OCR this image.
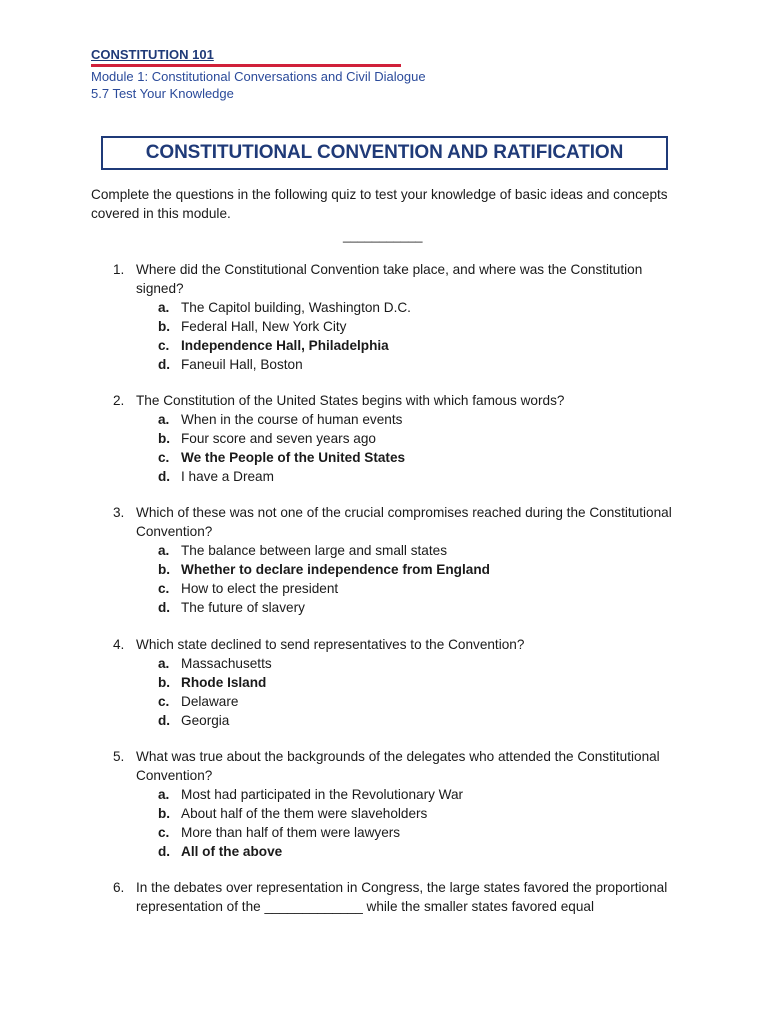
CONSTITUTION 101
Module 1: Constitutional Conversations and Civil Dialogue
5.7 Test Your Knowledge
CONSTITUTIONAL CONVENTION AND RATIFICATION
Complete the questions in the following quiz to test your knowledge of basic ideas and concepts covered in this module.
___________
1. Where did the Constitutional Convention take place, and where was the Constitution signed?
a. The Capitol building, Washington D.C.
b. Federal Hall, New York City
c. Independence Hall, Philadelphia
d. Faneuil Hall, Boston
2. The Constitution of the United States begins with which famous words?
a. When in the course of human events
b. Four score and seven years ago
c. We the People of the United States
d. I have a Dream
3. Which of these was not one of the crucial compromises reached during the Constitutional Convention?
a. The balance between large and small states
b. Whether to declare independence from England
c. How to elect the president
d. The future of slavery
4. Which state declined to send representatives to the Convention?
a. Massachusetts
b. Rhode Island
c. Delaware
d. Georgia
5. What was true about the backgrounds of the delegates who attended the Constitutional Convention?
a. Most had participated in the Revolutionary War
b. About half of the them were slaveholders
c. More than half of them were lawyers
d. All of the above
6. In the debates over representation in Congress, the large states favored the proportional representation of the _____________ while the smaller states favored equal
